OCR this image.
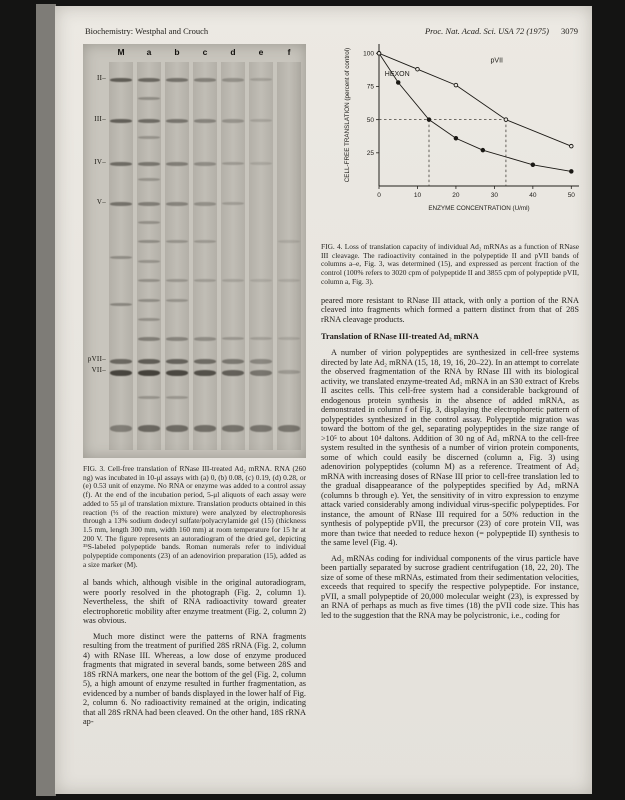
Biochemistry: Westphal and Crouch	Proc. Nat. Acad. Sci. USA 72 (1975) 3079
M	a	b	c	d	e	f
II–
III–
IV–
V–
pVII–
VII–

FIG. 3. Cell-free translation of RNase III-treated Ad₂ mRNA. RNA (260 ng) was incubated in 10-μl assays with (a) 0, (b) 0.08, (c) 0.19, (d) 0.28, or (e) 0.53 unit of enzyme. No RNA or enzyme was added to a control assay (f). At the end of the incubation period, 5-μl aliquots of each assay were added to 55 μl of translation mixture. Translation products obtained in this reaction (⅓ of the reaction mixture) were analyzed by electrophoresis through a 13% sodium dodecyl sulfate/polyacrylamide gel (15) (thickness 1.5 mm, length 300 mm, width 160 mm) at room temperature for 15 hr at 200 V. The figure represents an autoradiogram of the dried gel, depicting ³⁵S-labeled polypeptide bands. Roman numerals refer to individual polypeptide components (23) of an adenovirion preparation (15), added as a size marker (M).

al bands which, although visible in the original autoradiogram, were poorly resolved in the photograph (Fig. 2, column 1). Nevertheless, the shift of RNA radioactivity toward greater electrophoretic mobility after enzyme treatment (Fig. 2, column 2) was obvious.

Much more distinct were the patterns of RNA fragments resulting from the treatment of purified 28S rRNA (Fig. 2, column 4) with RNase III. Whereas, a low dose of enzyme produced fragments that migrated in several bands, some between 28S and 18S rRNA markers, one near the bottom of the gel (Fig. 2, column 5), a high amount of enzyme resulted in further fragmentation, as evidenced by a number of bands displayed in the lower half of Fig. 2, column 6. No radioactivity remained at the origin, indicating that all 28S rRNA had been cleaved. On the other hand, 18S rRNA ap-

25
50
75
100
0	10	20	30	40	50
HEXON
pVII
ENZYME CONCENTRATION (U/ml)
CELL-FREE TRANSLATION (percent of control)

FIG. 4. Loss of translation capacity of individual Ad₂ mRNAs as a function of RNase III cleavage. The radioactivity contained in the polypeptide II and pVII bands of columns a–e, Fig. 3, was determined (15), and expressed as percent fraction of the control (100% refers to 3020 cpm of polypeptide II and 3855 cpm of polypeptide pVII, column a, Fig. 3).

peared more resistant to RNase III attack, with only a portion of the RNA cleaved into fragments which formed a pattern distinct from that of 28S rRNA cleavage products.

Translation of RNase III-treated Ad₂ mRNA

A number of virion polypeptides are synthesized in cell-free systems directed by late Ad₂ mRNA (15, 18, 19, 16, 20–22). In an attempt to correlate the observed fragmentation of the RNA by RNase III with its biological activity, we translated enzyme-treated Ad₂ mRNA in an S30 extract of Krebs II ascites cells. This cell-free system had a considerable background of endogenous protein synthesis in the absence of added mRNA, as demonstrated in column f of Fig. 3, displaying the electrophoretic pattern of polypeptides synthesized in the control assay. Polypeptide migration was toward the bottom of the gel, separating polypeptides in the size range of >10⁵ to about 10⁴ daltons. Addition of 30 ng of Ad₂ mRNA to the cell-free system resulted in the synthesis of a number of virion protein components, some of which could easily be discerned (column a, Fig. 3) using adenovirion polypeptides (column M) as a reference. Treatment of Ad₂ mRNA with increasing doses of RNase III prior to cell-free translation led to the gradual disappearance of the polypeptides specified by Ad₂ mRNA (columns b through e). Yet, the sensitivity of in vitro expression to enzyme attack varied considerably among individual virus-specific polypeptides. For instance, the amount of RNase III required for a 50% reduction in the synthesis of polypeptide pVII, the precursor (23) of core protein VII, was more than twice that needed to reduce hexon (= polypeptide II) synthesis to the same level (Fig. 4).

Ad₂ mRNAs coding for individual components of the virus particle have been partially separated by sucrose gradient centrifugation (18, 22, 20). The size of some of these mRNAs, estimated from their sedimentation velocities, exceeds that required to specify the respective polypeptide. For instance, pVII, a small polypeptide of 20,000 molecular weight (23), is expressed by an RNA of perhaps as much as five times (18) the pVII code size. This has led to the suggestion that the RNA may be polycistronic, i.e., coding for
